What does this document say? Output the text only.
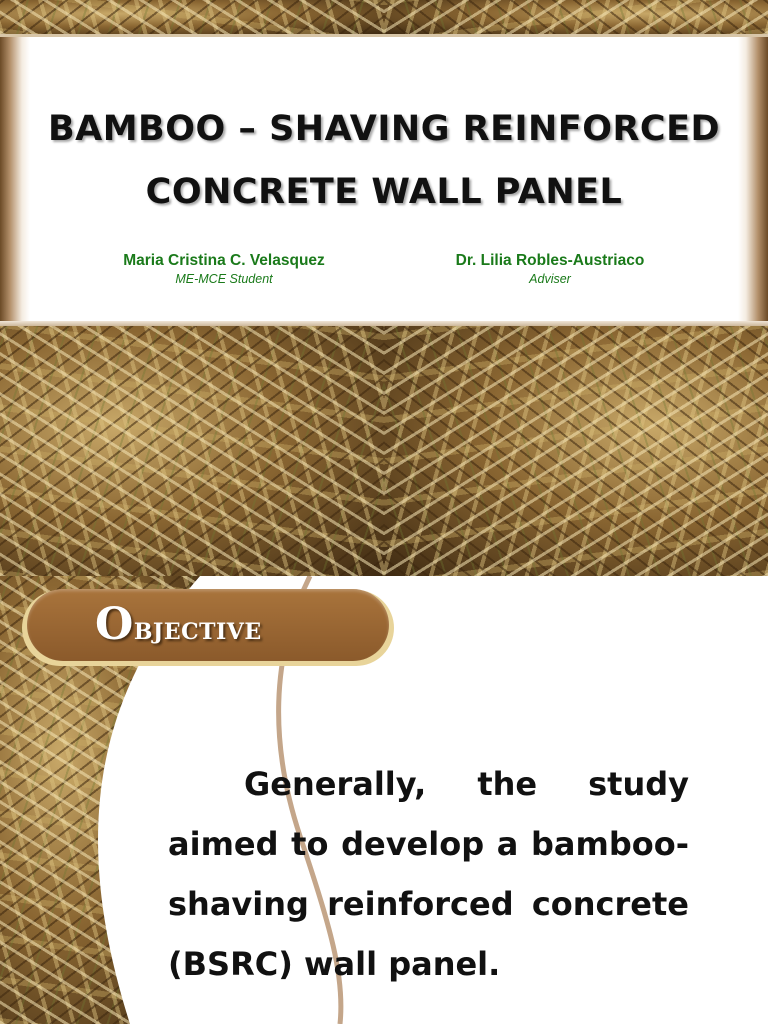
BAMBOO – SHAVING REINFORCED CONCRETE WALL PANEL
Maria Cristina C. Velasquez
ME-MCE Student
Dr. Lilia Robles-Austriaco
Adviser
Objective

Generally, the study aimed to develop a bamboo-shaving reinforced concrete (BSRC) wall panel.
